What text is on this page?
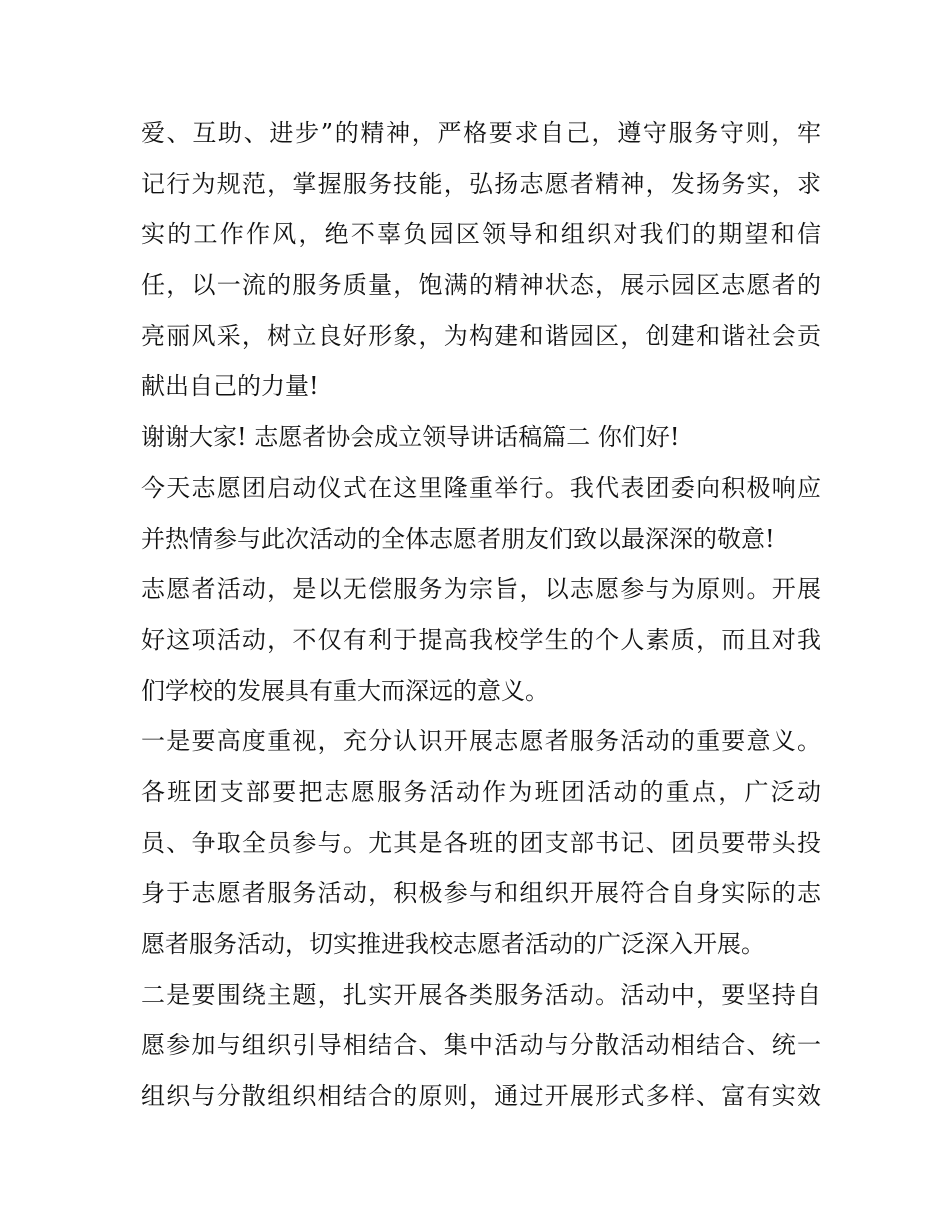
爱、互助、进步”的精神，严格要求自己，遵守服务守则，牢
记行为规范，掌握服务技能，弘扬志愿者精神，发扬务实，求
实的工作作风，绝不辜负园区领导和组织对我们的期望和信
任，以一流的服务质量，饱满的精神状态，展示园区志愿者的
亮丽风采，树立良好形象，为构建和谐园区，创建和谐社会贡
献出自己的力量!
谢谢大家! 志愿者协会成立领导讲话稿篇二 你们好!
今天志愿团启动仪式在这里隆重举行。我代表团委向积极响应
并热情参与此次活动的全体志愿者朋友们致以最深深的敬意!
志愿者活动，是以无偿服务为宗旨，以志愿参与为原则。开展
好这项活动，不仅有利于提高我校学生的个人素质，而且对我
们学校的发展具有重大而深远的意义。
一是要高度重视，充分认识开展志愿者服务活动的重要意义。
各班团支部要把志愿服务活动作为班团活动的重点，广泛动
员、争取全员参与。尤其是各班的团支部书记、团员要带头投
身于志愿者服务活动，积极参与和组织开展符合自身实际的志
愿者服务活动，切实推进我校志愿者活动的广泛深入开展。
二是要围绕主题，扎实开展各类服务活动。活动中，要坚持自
愿参加与组织引导相结合、集中活动与分散活动相结合、统一
组织与分散组织相结合的原则，通过开展形式多样、富有实效
